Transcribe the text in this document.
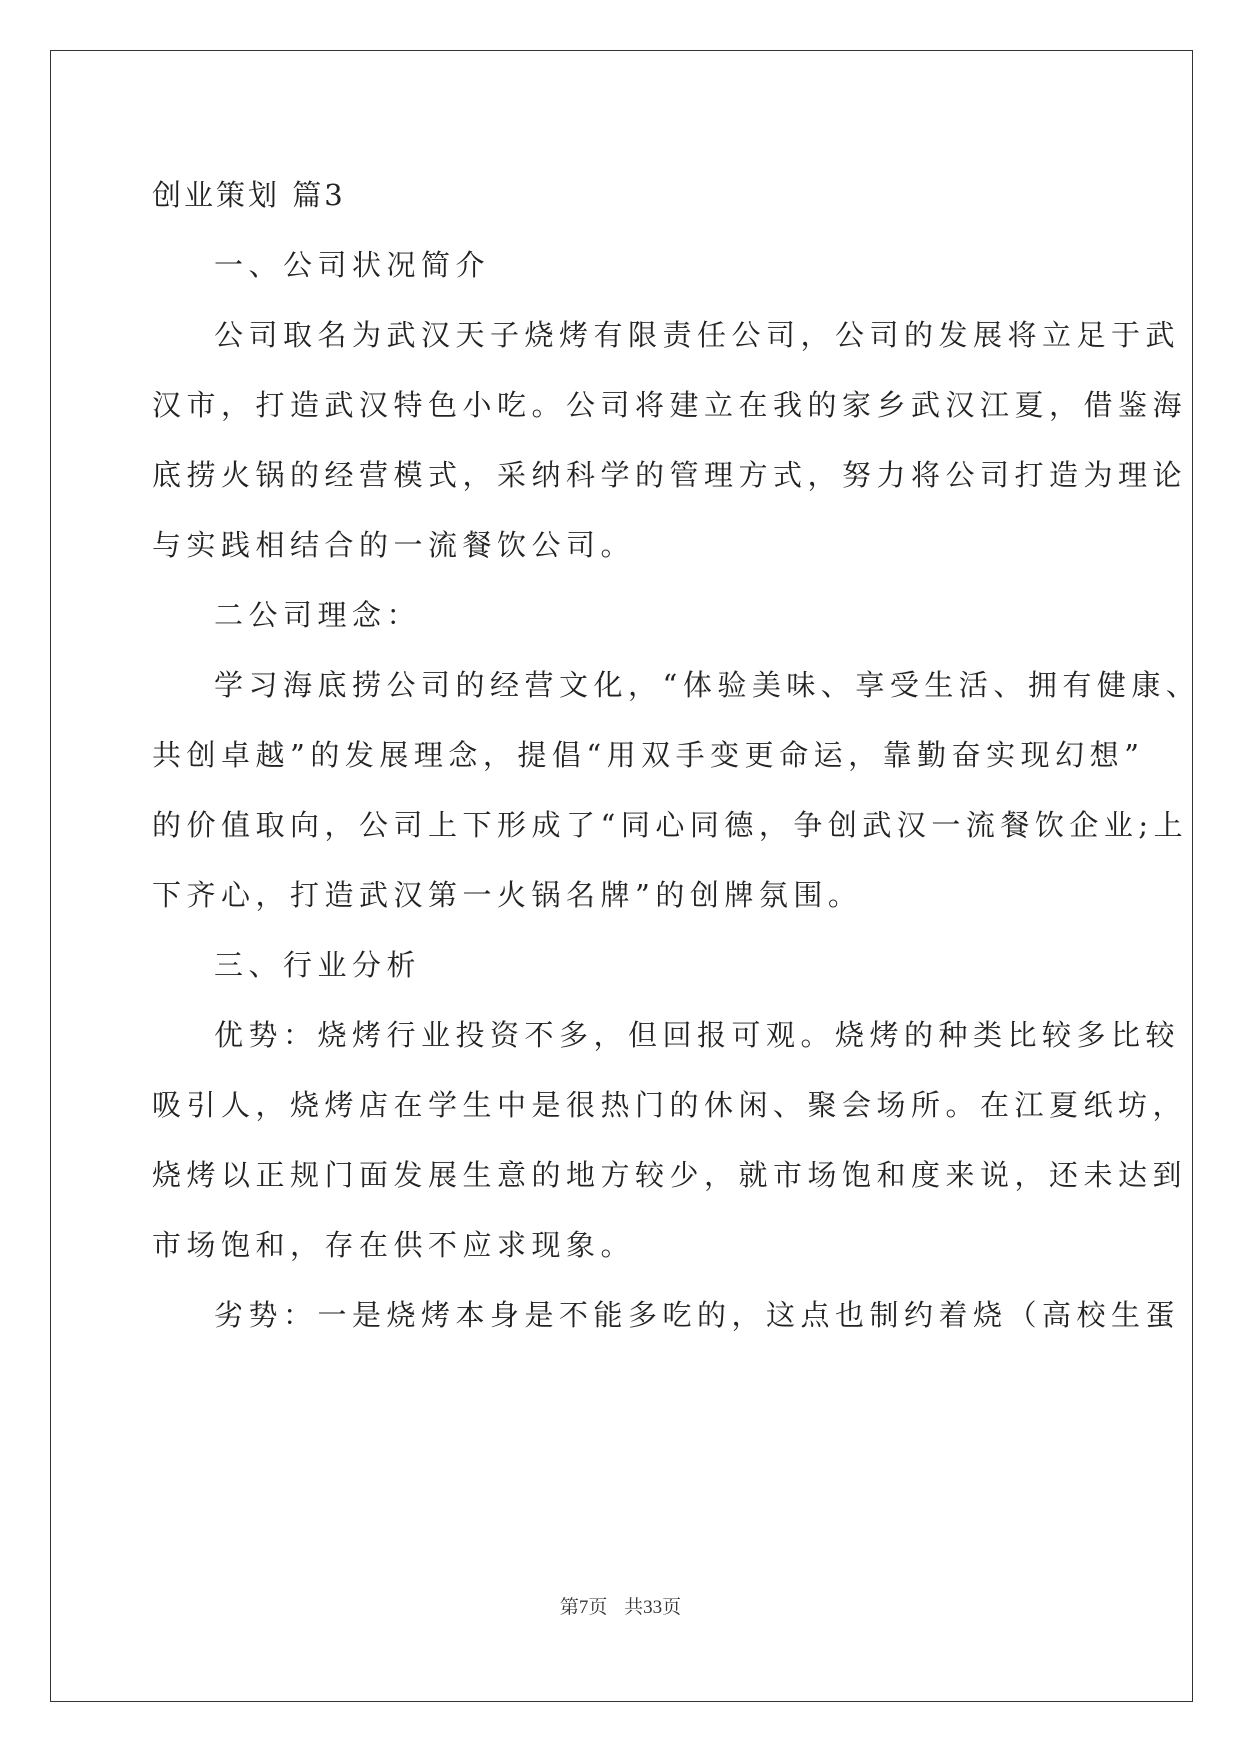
创业策划 篇3

一、公司状况简介

公司取名为武汉天子烧烤有限责任公司，公司的发展将立足于武

汉市，打造武汉特色小吃。公司将建立在我的家乡武汉江夏，借鉴海

底捞火锅的经营模式，采纳科学的管理方式，努力将公司打造为理论

与实践相结合的一流餐饮公司。

二公司理念：

学习海底捞公司的经营文化，“体验美味、享受生活、拥有健康、

共创卓越”的发展理念，提倡“用双手变更命运，靠勤奋实现幻想”

的价值取向，公司上下形成了“同心同德，争创武汉一流餐饮企业;上

下齐心，打造武汉第一火锅名牌”的创牌氛围。

三、行业分析

优势：烧烤行业投资不多，但回报可观。烧烤的种类比较多比较

吸引人，烧烤店在学生中是很热门的休闲、聚会场所。在江夏纸坊，

烧烤以正规门面发展生意的地方较少，就市场饱和度来说，还未达到

市场饱和，存在供不应求现象。

劣势：一是烧烤本身是不能多吃的，这点也制约着烧（高校生蛋

第7页 共33页
